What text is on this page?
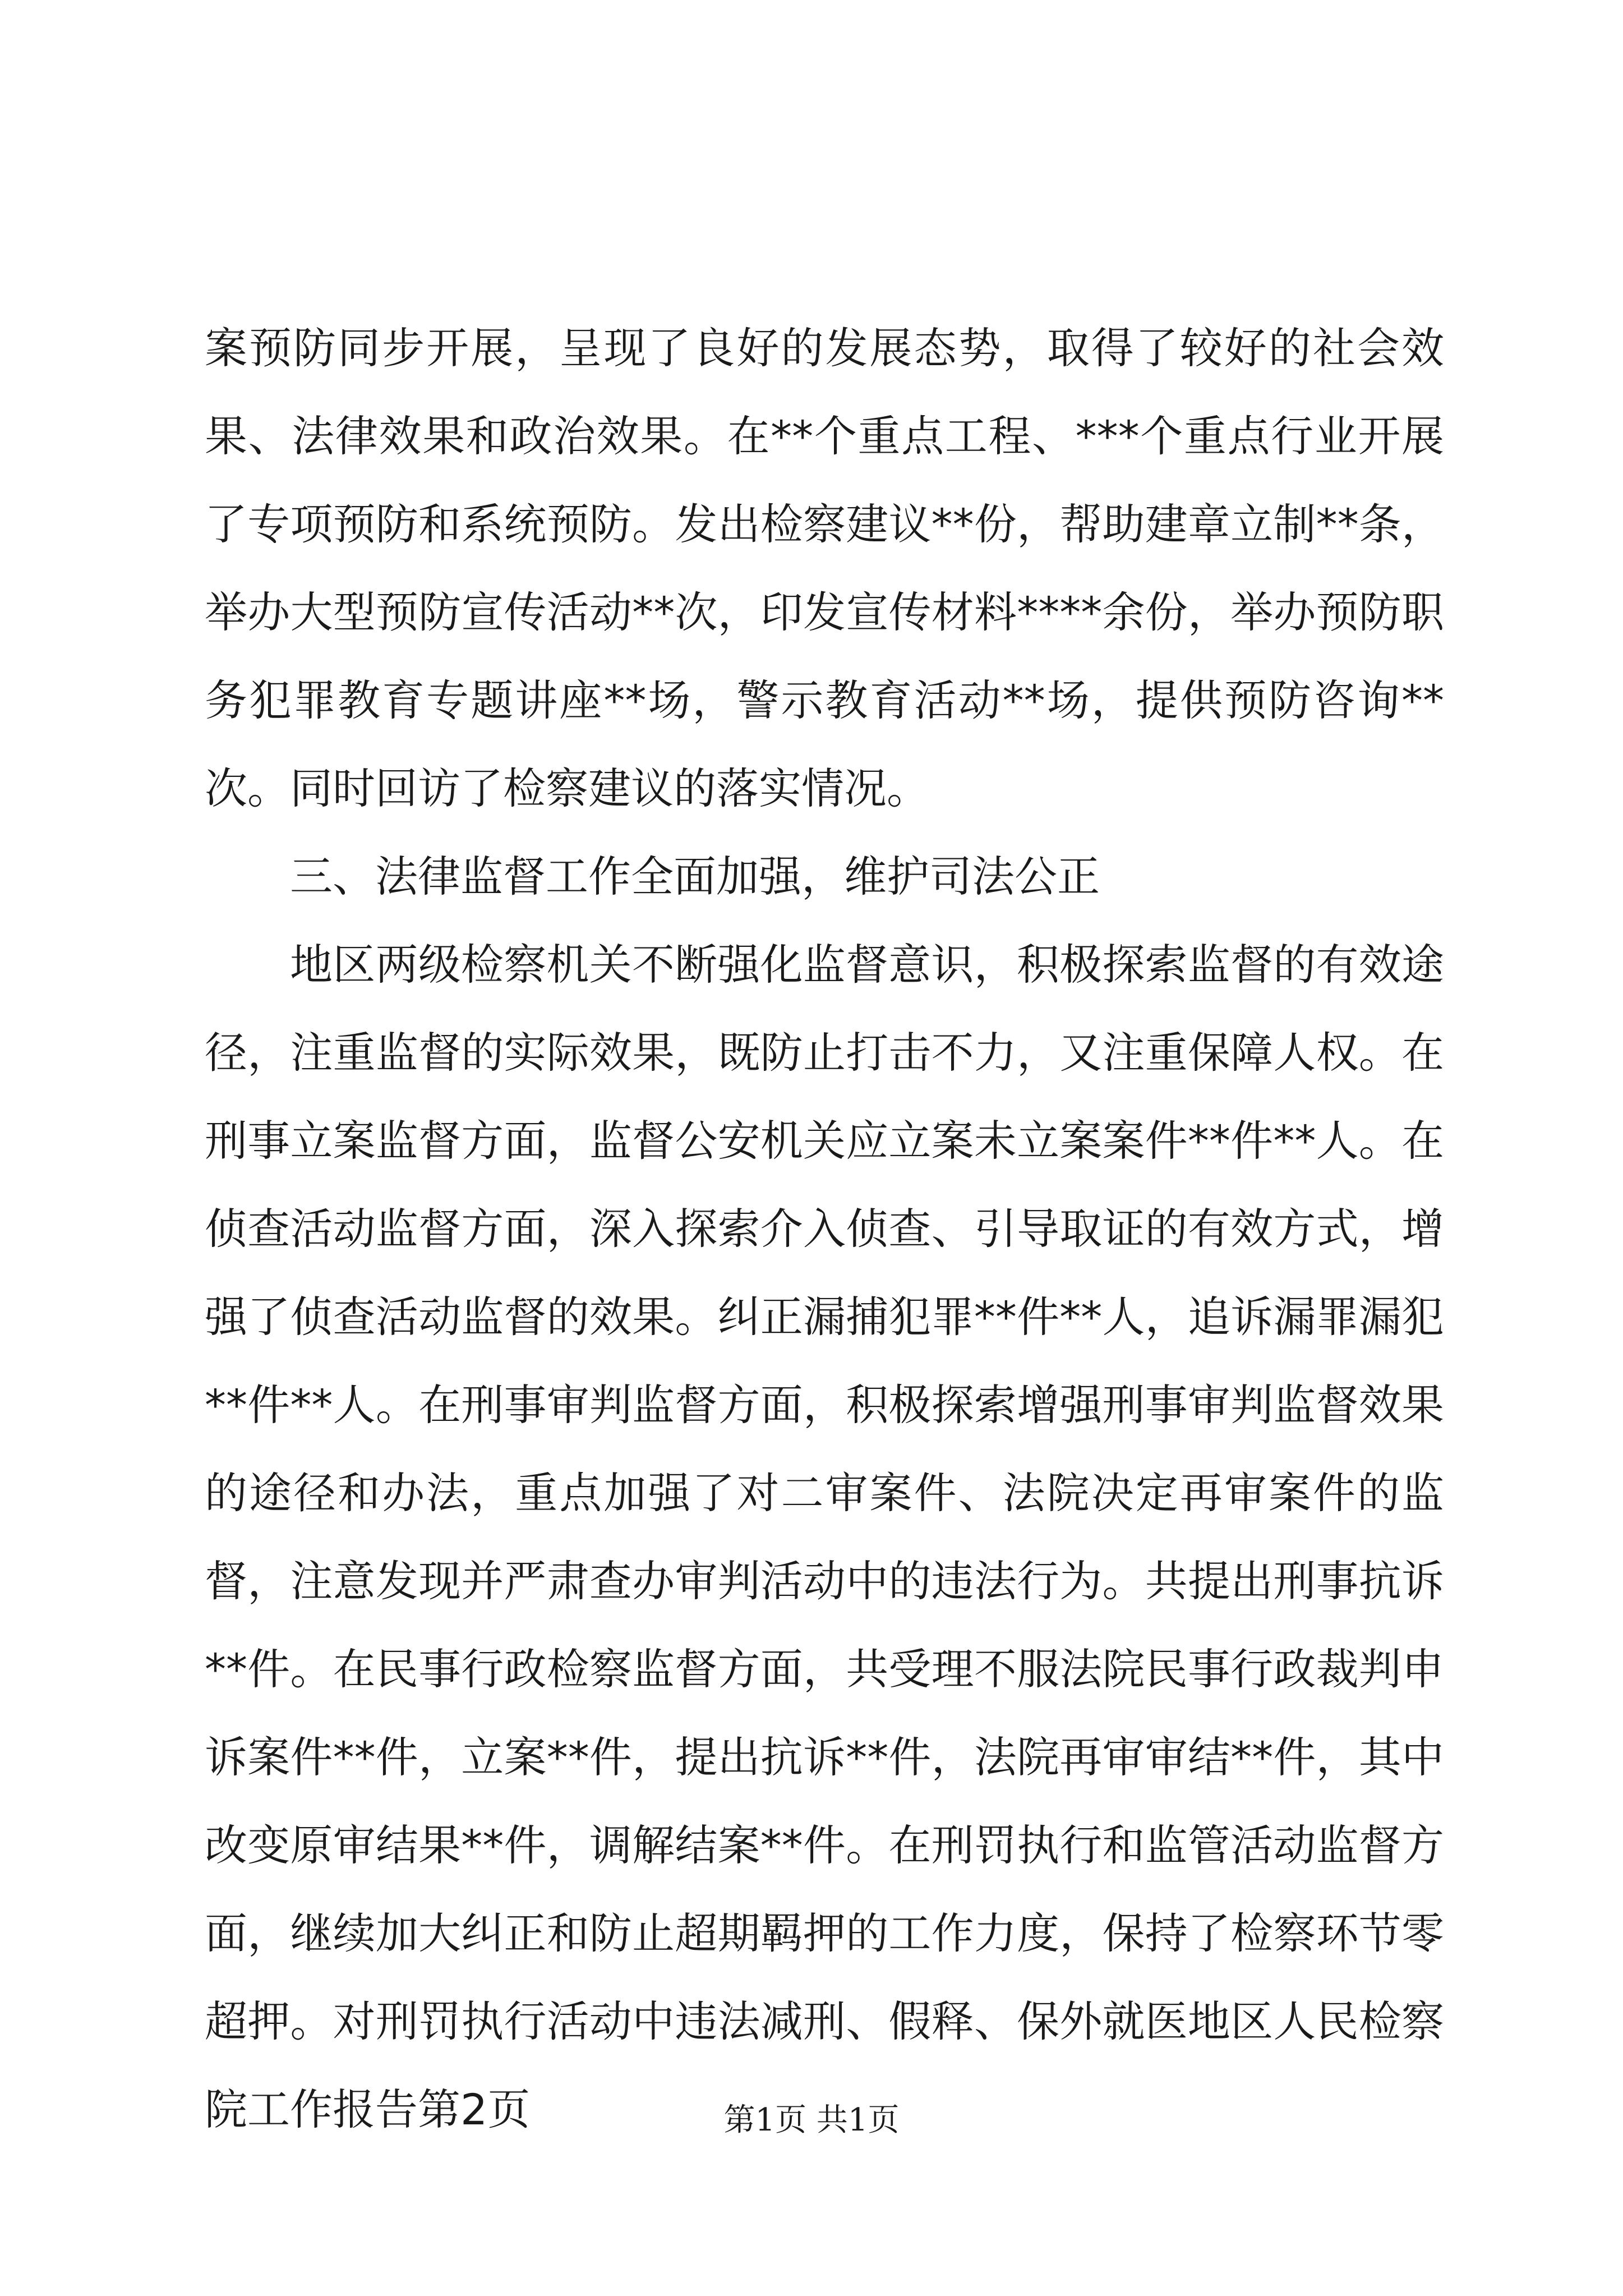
案预防同步开展，呈现了良好的发展态势，取得了较好的社会效果、法律效果和政治效果。在**个重点工程、***个重点行业开展了专项预防和系统预防。发出检察建议**份，帮助建章立制**条，举办大型预防宣传活动**次，印发宣传材料****余份，举办预防职务犯罪教育专题讲座**场，警示教育活动**场，提供预防咨询**次。同时回访了检察建议的落实情况。

三、法律监督工作全面加强，维护司法公正

地区两级检察机关不断强化监督意识，积极探索监督的有效途径，注重监督的实际效果，既防止打击不力，又注重保障人权。在刑事立案监督方面，监督公安机关应立案未立案案件**件**人。在侦查活动监督方面，深入探索介入侦查、引导取证的有效方式，增强了侦查活动监督的效果。纠正漏捕犯罪**件**人，追诉漏罪漏犯**件**人。在刑事审判监督方面，积极探索增强刑事审判监督效果的途径和办法，重点加强了对二审案件、法院决定再审案件的监督，注意发现并严肃查办审判活动中的违法行为。共提出刑事抗诉**件。在民事行政检察监督方面，共受理不服法院民事行政裁判申诉案件**件，立案**件，提出抗诉**件，法院再审审结**件，其中改变原审结果**件，调解结案**件。在刑罚执行和监管活动监督方面，继续加大纠正和防止超期羁押的工作力度，保持了检察环节零超押。对刑罚执行活动中违法减刑、假释、保外就医地区人民检察院工作报告第2页	第1页 共1页
